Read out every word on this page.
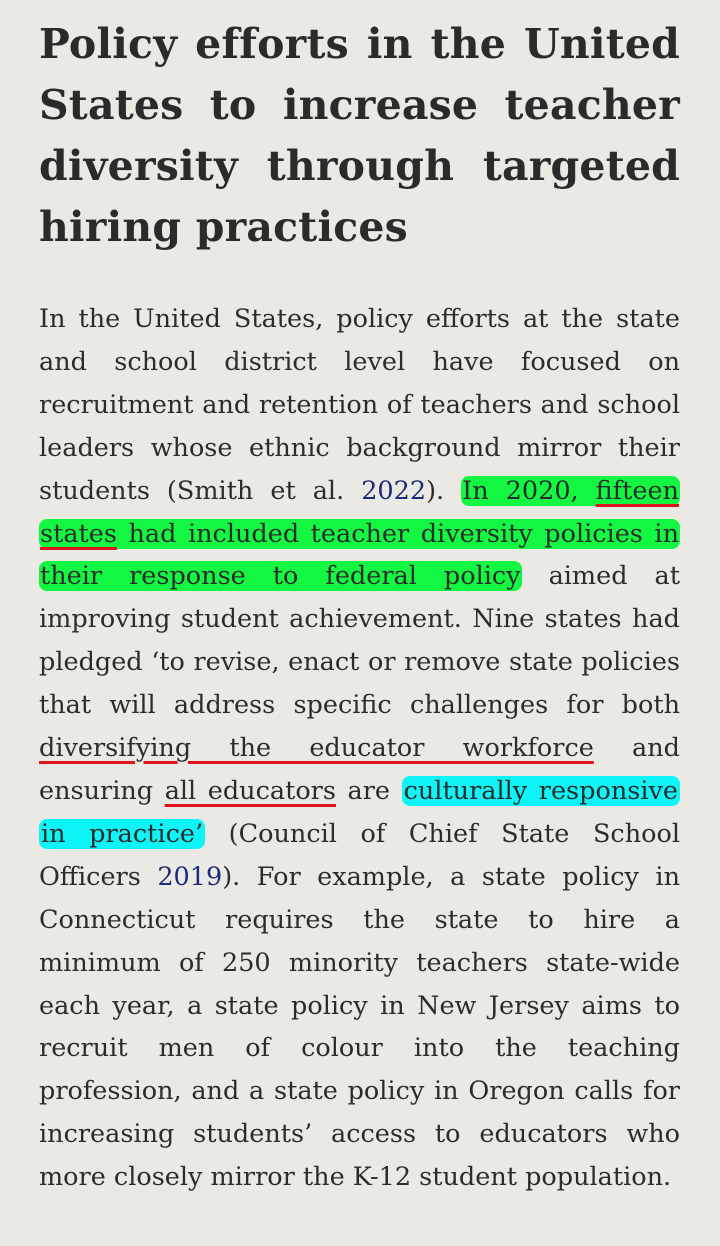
Policy efforts in the United States to increase teacher diversity through targeted hiring practices

In the United States, policy efforts at the state and school district level have focused on recruitment and retention of teachers and school leaders whose ethnic background mirror their students (Smith et al. 2022). In 2020, fifteen states had included teacher diversity policies in their response to federal policy aimed at improving student achievement. Nine states had pledged ‘to revise, enact or remove state policies that will address specific challenges for both diversifying the educator workforce and ensuring all educators are culturally responsive in practice’ (Council of Chief State School Officers 2019). For example, a state policy in Connecticut requires the state to hire a minimum of 250 minority teachers state-wide each year, a state policy in New Jersey aims to recruit men of colour into the teaching profession, and a state policy in Oregon calls for increasing students’ access to educators who more closely mirror the K-12 student population.
